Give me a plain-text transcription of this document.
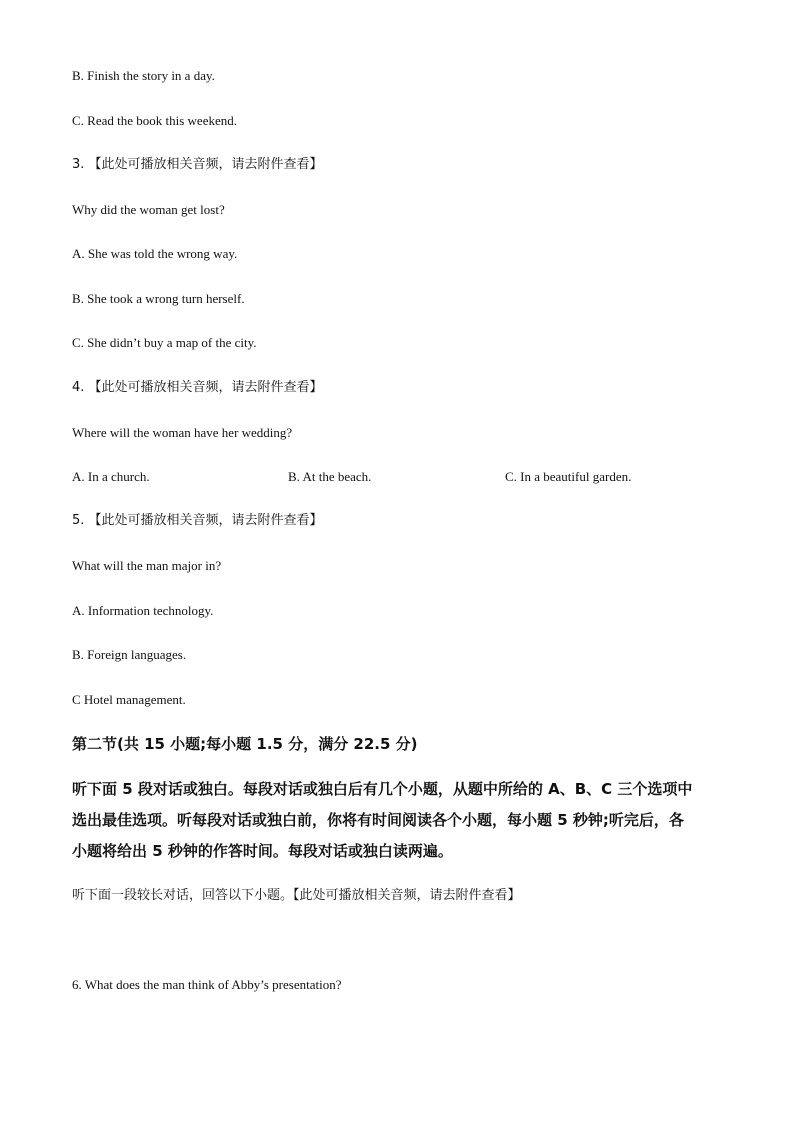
B. Finish the story in a day.
C. Read the book this weekend.
3. 【此处可播放相关音频，请去附件查看】
Why did the woman get lost?
A. She was told the wrong way.
B. She took a wrong turn herself.
C. She didn’t buy a map of the city.
4. 【此处可播放相关音频，请去附件查看】
Where will the woman have her wedding?
A. In a church.	B. At the beach.	C. In a beautiful garden.
5. 【此处可播放相关音频，请去附件查看】
What will the man major in?
A. Information technology.
B. Foreign languages.
C Hotel management.
第二节(共 15 小题;每小题 1.5 分，满分 22.5 分)
听下面 5 段对话或独白。每段对话或独白后有几个小题，从题中所给的 A、B、C 三个选项中
选出最佳选项。听每段对话或独白前，你将有时间阅读各个小题，每小题 5 秒钟;听完后，各
小题将给出 5 秒钟的作答时间。每段对话或独白读两遍。
听下面一段较长对话，回答以下小题。【此处可播放相关音频，请去附件查看】
6. What does the man think of Abby’s presentation?
